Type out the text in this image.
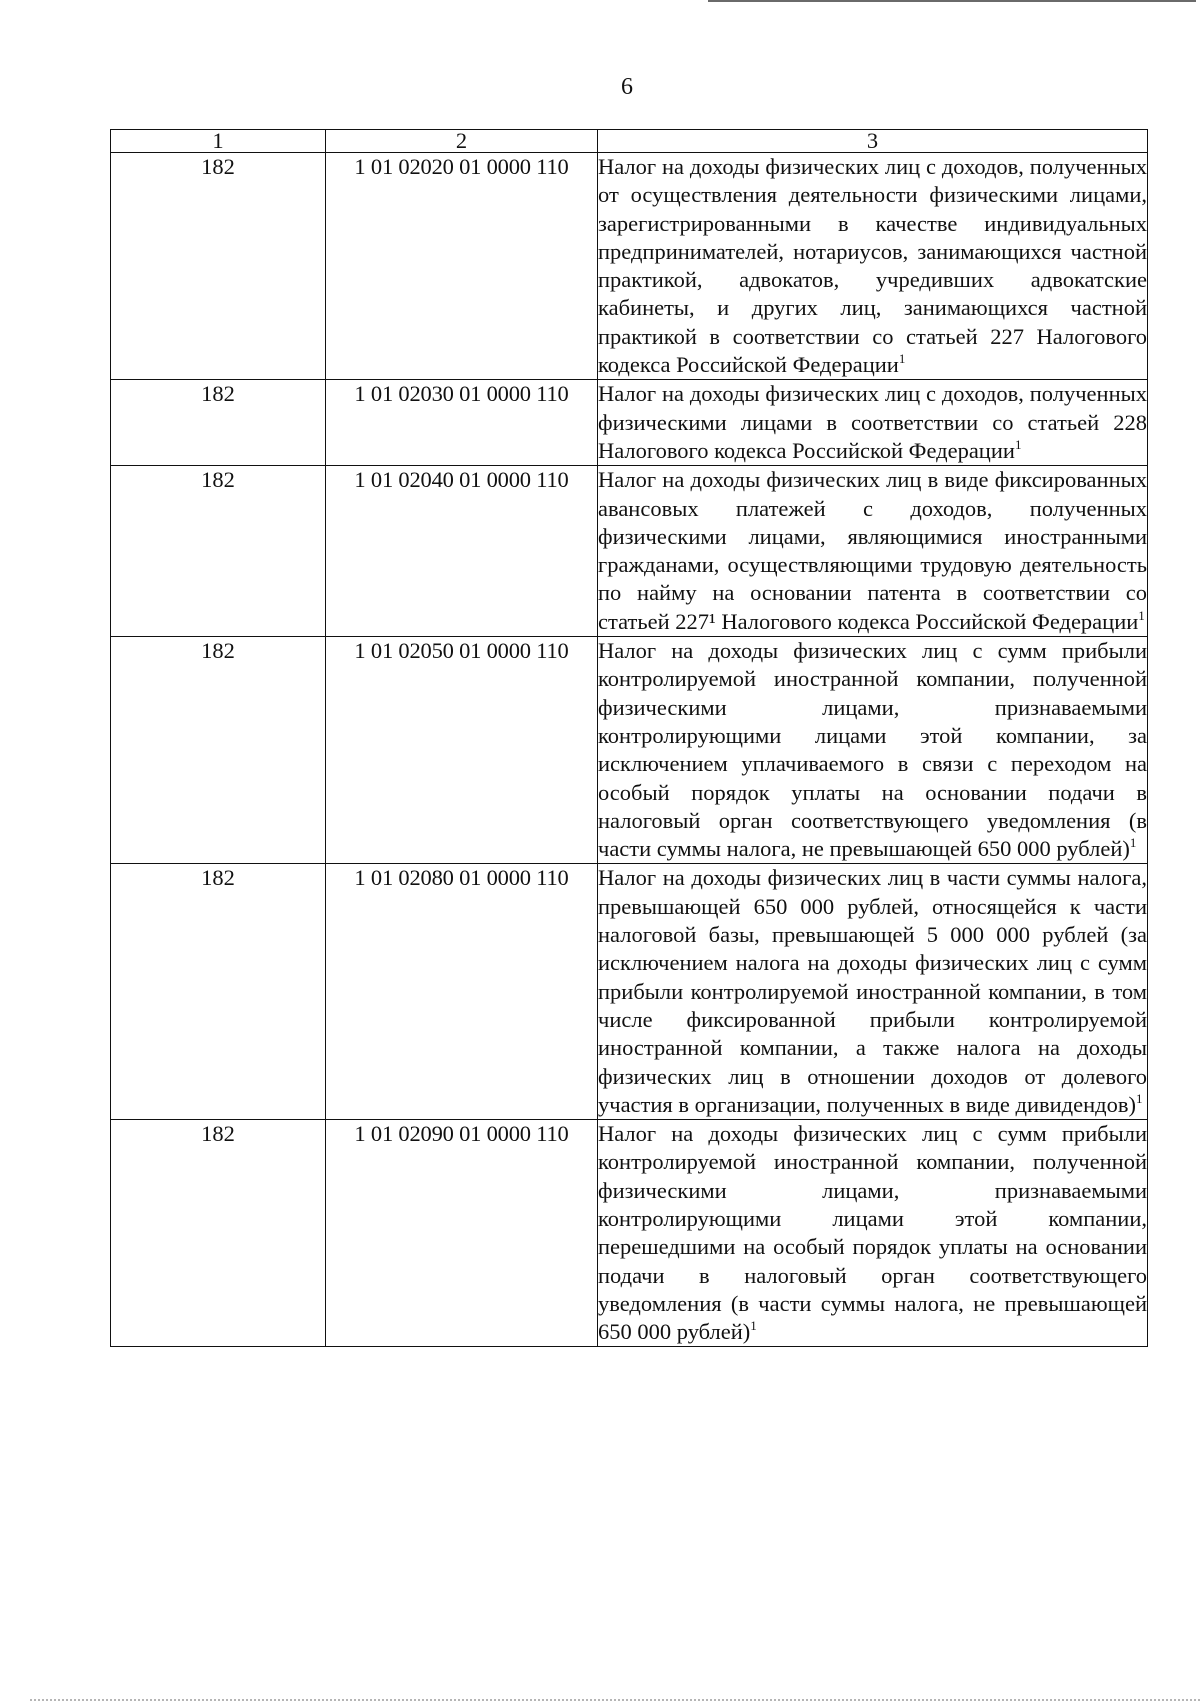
6
1	2	3
182	1 01 02020 01 0000 110	Налог на доходы физических лиц с доходов, полученных от осуществления деятельности физическими лицами, зарегистрированными в качестве индивидуальных предпринимателей, нотариусов, занимающихся частной практикой, адвокатов, учредивших адвокатские кабинеты, и других лиц, занимающихся частной практикой в соответствии со статьей 227 Налогового кодекса Российской Федерации$^1$
182	1 01 02030 01 0000 110	Налог на доходы физических лиц с доходов, полученных физическими лицами в соответствии со статьей 228 Налогового кодекса Российской Федерации$^1$
182	1 01 02040 01 0000 110	Налог на доходы физических лиц в виде фиксированных авансовых платежей с доходов, полученных физическими лицами, являющимися иностранными гражданами, осуществляющими трудовую деятельность по найму на основании патента в соответствии со статьей 227¹ Налогового кодекса Российской Федерации$^1$
182	1 01 02050 01 0000 110	Налог на доходы физических лиц с сумм прибыли контролируемой иностранной компании, полученной физическими лицами, признаваемыми контролирующими лицами этой компании, за исключением уплачиваемого в связи с переходом на особый порядок уплаты на основании подачи в налоговый орган соответствующего уведомления (в части суммы налога, не превышающей 650 000 рублей)$^1$
182	1 01 02080 01 0000 110	Налог на доходы физических лиц в части суммы налога, превышающей 650 000 рублей, относящейся к части налоговой базы, превышающей 5 000 000 рублей (за исключением налога на доходы физических лиц с сумм прибыли контролируемой иностранной компании, в том числе фиксированной прибыли контролируемой иностранной компании, а также налога на доходы физических лиц в отношении доходов от долевого участия в организации, полученных в виде дивидендов)$^1$
182	1 01 02090 01 0000 110	Налог на доходы физических лиц с сумм прибыли контролируемой иностранной компании, полученной физическими лицами, признаваемыми контролирующими лицами этой компании, перешедшими на особый порядок уплаты на основании подачи в налоговый орган соответствующего уведомления (в части суммы налога, не превышающей 650 000 рублей)$^1$
